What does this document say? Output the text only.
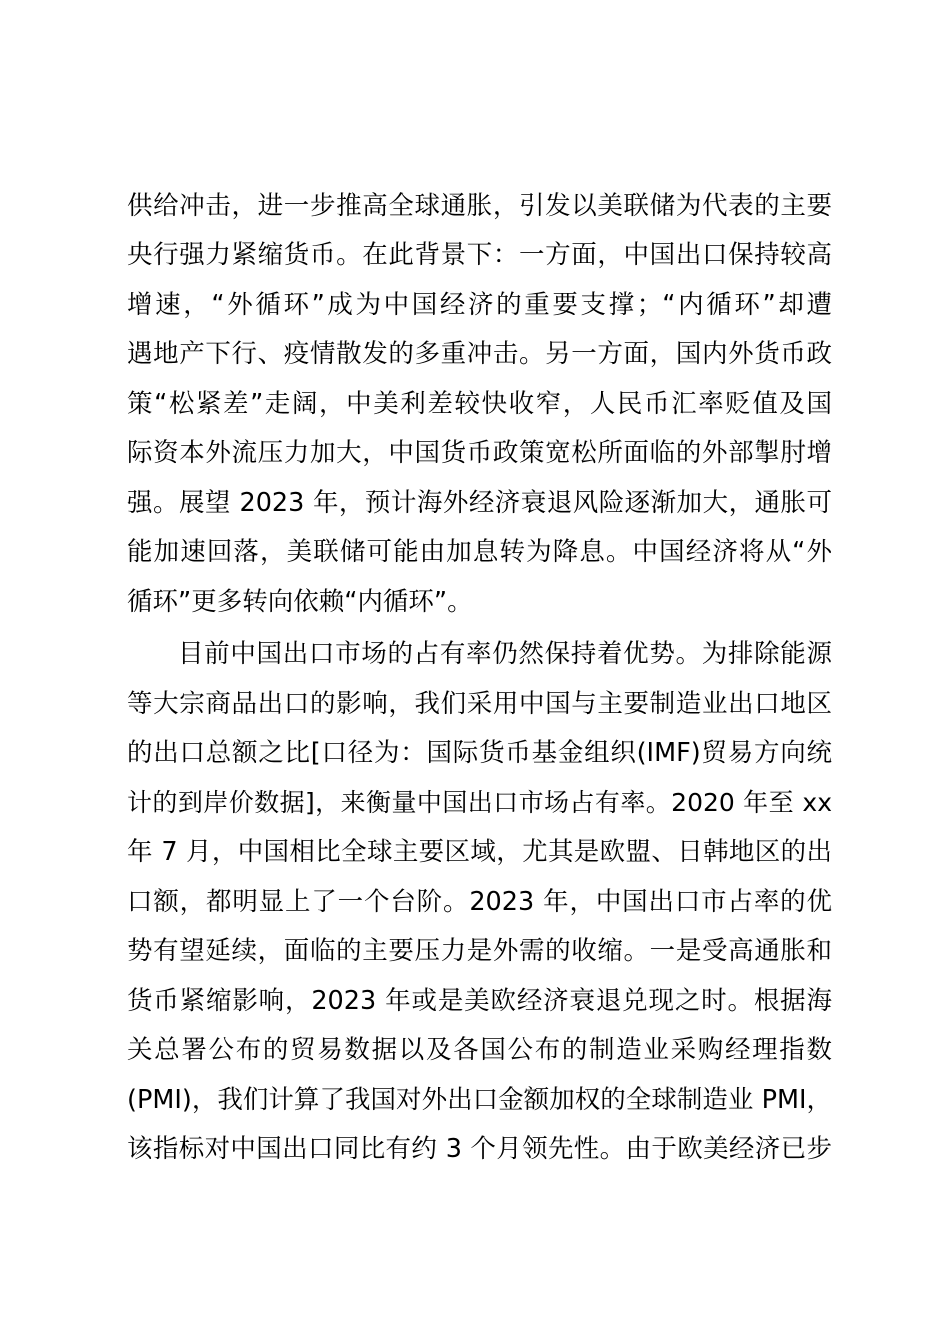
供给冲击，进一步推高全球通胀，引发以美联储为代表的主要
央行强力紧缩货币。在此背景下：一方面，中国出口保持较高
增速，“外循环”成为中国经济的重要支撑；“内循环”却遭
遇地产下行、疫情散发的多重冲击。另一方面，国内外货币政
策“松紧差”走阔，中美利差较快收窄，人民币汇率贬值及国
际资本外流压力加大，中国货币政策宽松所面临的外部掣肘增
强。展望 2023 年，预计海外经济衰退风险逐渐加大，通胀可
能加速回落，美联储可能由加息转为降息。中国经济将从“外
循环”更多转向依赖“内循环”。
目前中国出口市场的占有率仍然保持着优势。为排除能源
等大宗商品出口的影响，我们采用中国与主要制造业出口地区
的出口总额之比[口径为：国际货币基金组织(IMF)贸易方向统
计的到岸价数据]，来衡量中国出口市场占有率。2020 年至 xx
年 7 月，中国相比全球主要区域，尤其是欧盟、日韩地区的出
口额，都明显上了一个台阶。2023 年，中国出口市占率的优
势有望延续，面临的主要压力是外需的收缩。一是受高通胀和
货币紧缩影响，2023 年或是美欧经济衰退兑现之时。根据海
关总署公布的贸易数据以及各国公布的制造业采购经理指数
(PMI)，我们计算了我国对外出口金额加权的全球制造业 PMI，
该指标对中国出口同比有约 3 个月领先性。由于欧美经济已步
